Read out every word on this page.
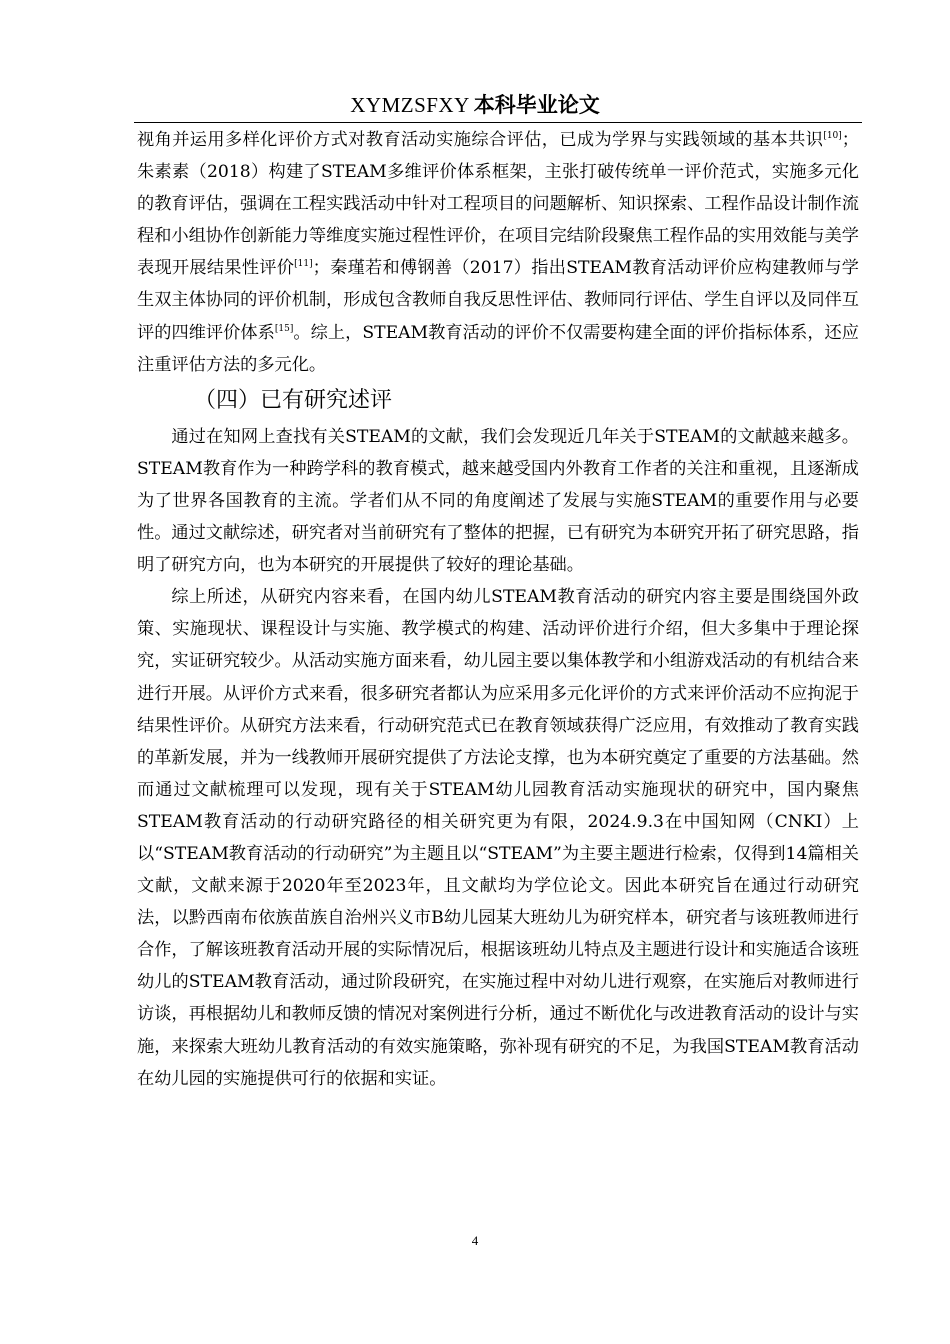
XYMZSFXY 本科毕业论文

视角并运用多样化评价方式对教育活动实施综合评估，已成为学界与实践领域的基本共识[10]；朱素素（2018）构建了STEAM多维评价体系框架，主张打破传统单一评价范式，实施多元化的教育评估，强调在工程实践活动中针对工程项目的问题解析、知识探索、工程作品设计制作流程和小组协作创新能力等维度实施过程性评价，在项目完结阶段聚焦工程作品的实用效能与美学表现开展结果性评价[11]；秦瑾若和傅钢善（2017）指出STEAM教育活动评价应构建教师与学生双主体协同的评价机制，形成包含教师自我反思性评估、教师同行评估、学生自评以及同伴互评的四维评价体系[15]。综上，STEAM教育活动的评价不仅需要构建全面的评价指标体系，还应注重评估方法的多元化。

（四）已有研究述评

通过在知网上查找有关STEAM的文献，我们会发现近几年关于STEAM的文献越来越多。STEAM教育作为一种跨学科的教育模式，越来越受国内外教育工作者的关注和重视，且逐渐成为了世界各国教育的主流。学者们从不同的角度阐述了发展与实施STEAM的重要作用与必要性。通过文献综述，研究者对当前研究有了整体的把握，已有研究为本研究开拓了研究思路，指明了研究方向，也为本研究的开展提供了较好的理论基础。

综上所述，从研究内容来看，在国内幼儿STEAM教育活动的研究内容主要是围绕国外政策、实施现状、课程设计与实施、教学模式的构建、活动评价进行介绍，但大多集中于理论探究，实证研究较少。从活动实施方面来看，幼儿园主要以集体教学和小组游戏活动的有机结合来进行开展。从评价方式来看，很多研究者都认为应采用多元化评价的方式来评价活动不应拘泥于结果性评价。从研究方法来看，行动研究范式已在教育领域获得广泛应用，有效推动了教育实践的革新发展，并为一线教师开展研究提供了方法论支撑，也为本研究奠定了重要的方法基础。然而通过文献梳理可以发现，现有关于STEAM幼儿园教育活动实施现状的研究中，国内聚焦STEAM教育活动的行动研究路径的相关研究更为有限，2024.9.3在中国知网（CNKI）上以“STEAM教育活动的行动研究”为主题且以“STEAM”为主要主题进行检索，仅得到14篇相关文献，文献来源于2020年至2023年，且文献均为学位论文。因此本研究旨在通过行动研究法，以黔西南布依族苗族自治州兴义市B幼儿园某大班幼儿为研究样本，研究者与该班教师进行合作，了解该班教育活动开展的实际情况后，根据该班幼儿特点及主题进行设计和实施适合该班幼儿的STEAM教育活动，通过阶段研究，在实施过程中对幼儿进行观察，在实施后对教师进行访谈，再根据幼儿和教师反馈的情况对案例进行分析，通过不断优化与改进教育活动的设计与实施，来探索大班幼儿教育活动的有效实施策略，弥补现有研究的不足，为我国STEAM教育活动在幼儿园的实施提供可行的依据和实证。

4
